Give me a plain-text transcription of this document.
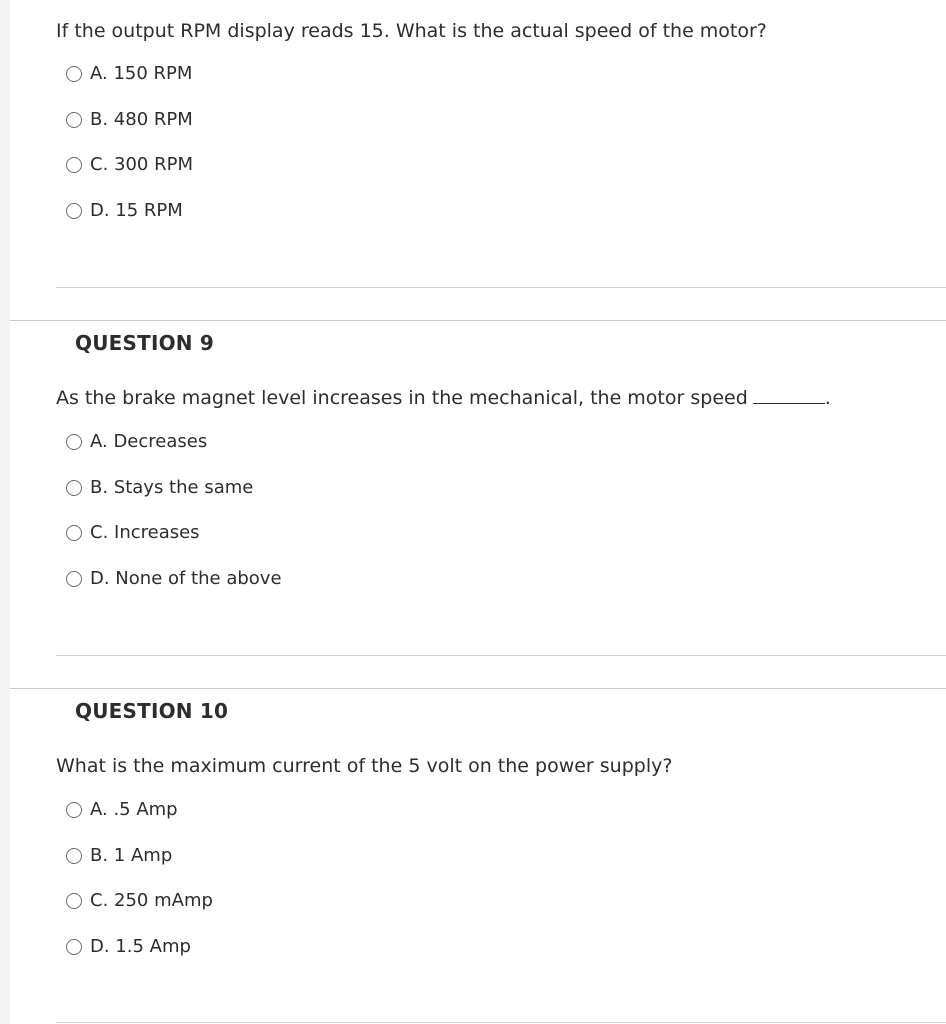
If the output RPM display reads 15. What is the actual speed of the motor?
A. 150 RPM
B. 480 RPM
C. 300 RPM
D. 15 RPM
QUESTION 9
As the brake magnet level increases in the mechanical, the motor speed	.
A. Decreases
B. Stays the same
C. Increases
D. None of the above
QUESTION 10
What is the maximum current of the 5 volt on the power supply?
A. .5 Amp
B. 1 Amp
C. 250 mAmp
D. 1.5 Amp
